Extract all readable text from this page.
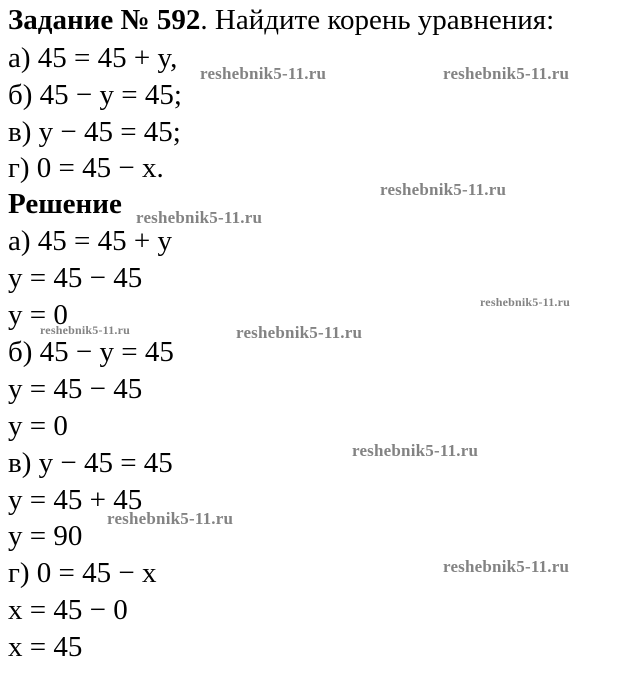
Задание № 592. Найдите корень уравнения:
а) 45 = 45 + y,
б) 45 − y = 45;
в) y − 45 = 45;
г) 0 = 45 − x.
Решение
а) 45 = 45 + y
y = 45 − 45
y = 0
б) 45 − y = 45
y = 45 − 45
y = 0
в) y − 45 = 45
y = 45 + 45
y = 90
г) 0 = 45 − x
x = 45 − 0
x = 45
reshebnik5-11.ru	reshebnik5-11.ru
reshebnik5-11.ru
reshebnik5-11.ru
reshebnik5-11.ru
reshebnik5-11.ru	reshebnik5-11.ru
reshebnik5-11.ru
reshebnik5-11.ru
reshebnik5-11.ru
